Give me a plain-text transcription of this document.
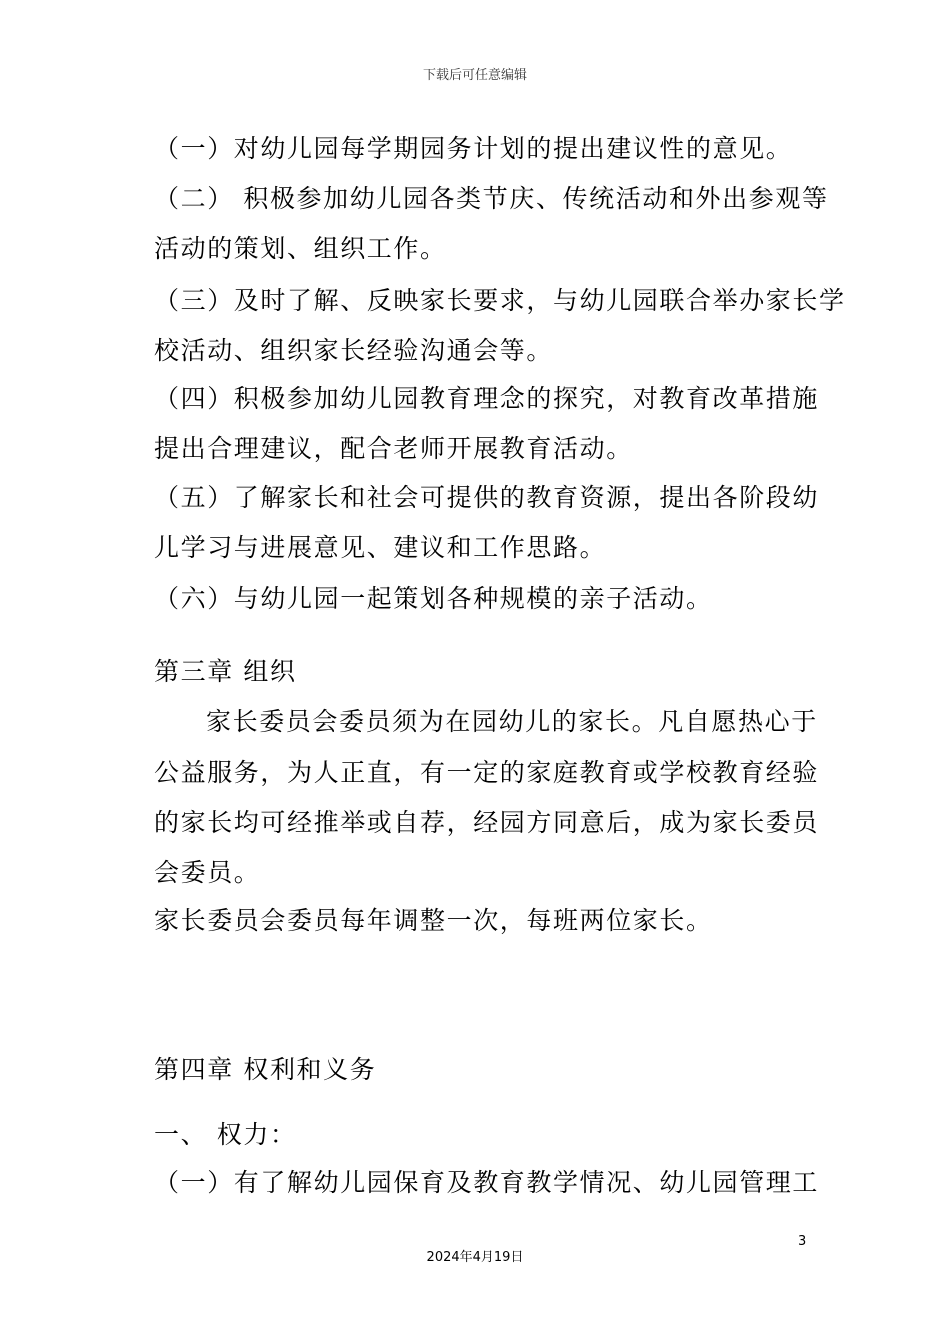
下载后可任意编辑
（一）对幼儿园每学期园务计划的提出建议性的意见。
（二） 积极参加幼儿园各类节庆、传统活动和外出参观等
活动的策划、组织工作。
（三）及时了解、反映家长要求，与幼儿园联合举办家长学
校活动、组织家长经验沟通会等。
（四）积极参加幼儿园教育理念的探究，对教育改革措施
提出合理建议，配合老师开展教育活动。
（五）了解家长和社会可提供的教育资源，提出各阶段幼
儿学习与进展意见、建议和工作思路。
（六）与幼儿园一起策划各种规模的亲子活动。
第三章 组织
家长委员会委员须为在园幼儿的家长。凡自愿热心于
公益服务，为人正直，有一定的家庭教育或学校教育经验
的家长均可经推举或自荐，经园方同意后，成为家长委员
会委员。
家长委员会委员每年调整一次，每班两位家长。
第四章 权利和义务
一、 权力：
（一）有了解幼儿园保育及教育教学情况、幼儿园管理工
3
2024年4月19日
